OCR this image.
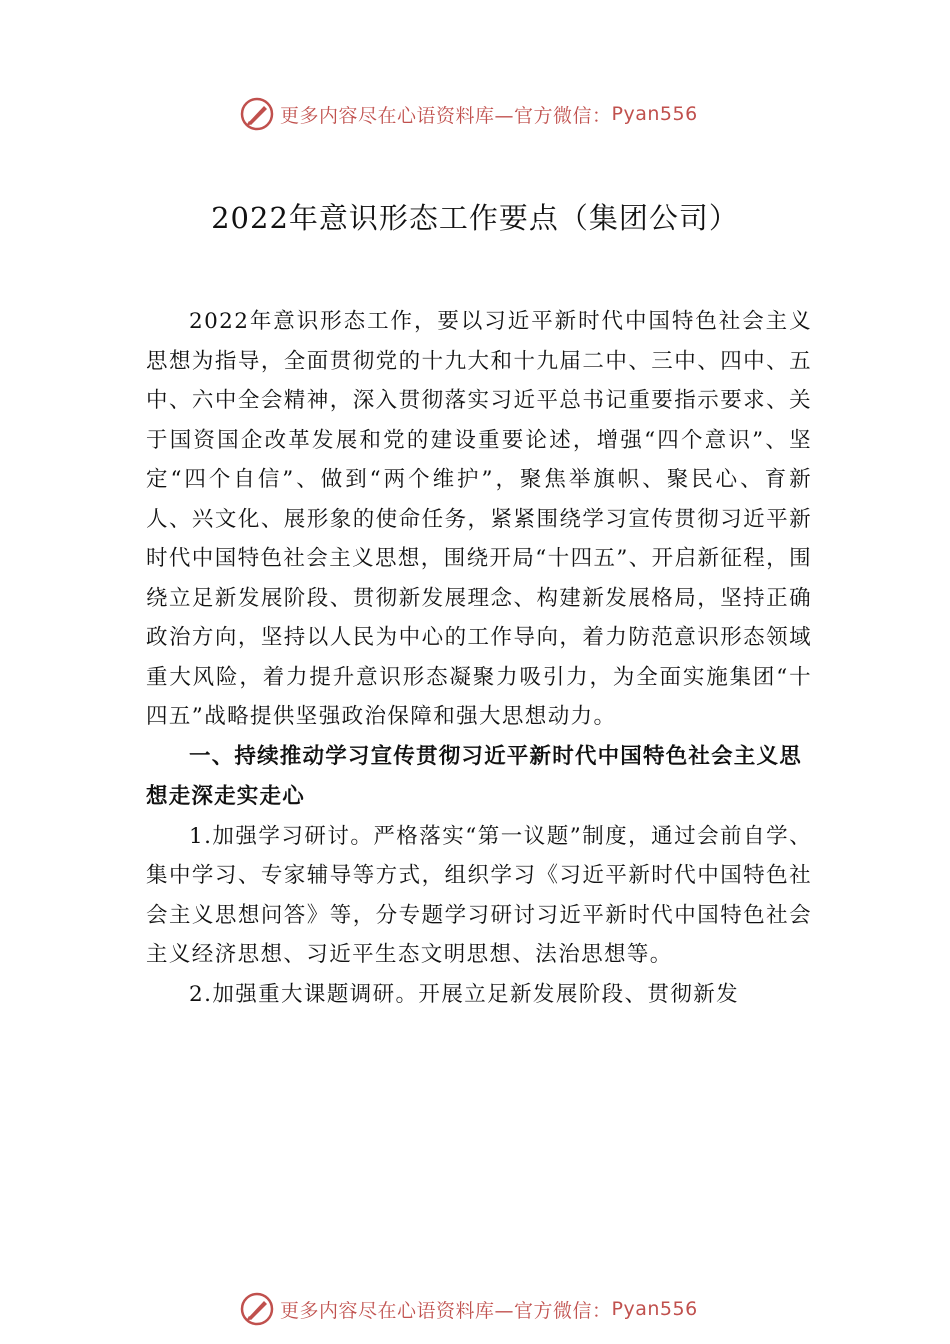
更多内容尽在心语资料库—官方微信： Pyan556
2022年意识形态工作要点（集团公司）

2022年意识形态工作，要以习近平新时代中国特色社会主义思想为指导，全面贯彻党的十九大和十九届二中、三中、四中、五中、六中全会精神，深入贯彻落实习近平总书记重要指示要求、关于国资国企改革发展和党的建设重要论述，增强“四个意识”、坚定“四个自信”、做到“两个维护”，聚焦举旗帜、聚民心、育新人、兴文化、展形象的使命任务，紧紧围绕学习宣传贯彻习近平新时代中国特色社会主义思想，围绕开局“十四五”、开启新征程，围绕立足新发展阶段、贯彻新发展理念、构建新发展格局，坚持正确政治方向，坚持以人民为中心的工作导向，着力防范意识形态领域重大风险，着力提升意识形态凝聚力吸引力，为全面实施集团“十四五”战略提供坚强政治保障和强大思想动力。

一、持续推动学习宣传贯彻习近平新时代中国特色社会主义思想走深走实走心

1.加强学习研讨。严格落实“第一议题”制度，通过会前自学、集中学习、专家辅导等方式，组织学习《习近平新时代中国特色社会主义思想问答》等，分专题学习研讨习近平新时代中国特色社会主义经济思想、习近平生态文明思想、法治思想等。

2.加强重大课题调研。开展立足新发展阶段、贯彻新发

更多内容尽在心语资料库—官方微信： Pyan556
